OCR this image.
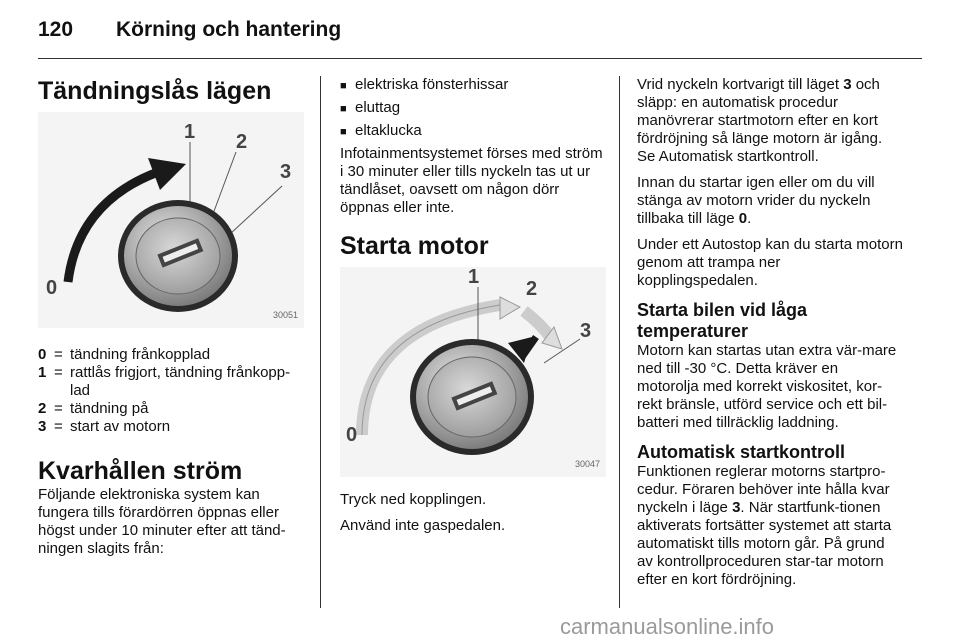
120 Körning och hantering
Tändningslås lägen
1 2
3
0
30051
0 = tändning frånkopplad
1 = rattlås frigjort, tändning frånkopp-lad
2 = tändning på
3 = start av motorn
Kvarhållen ström

Följande elektroniska system kan fungera tills förardörren öppnas eller högst under 10 minuter efter att tänd-ningen slagits från:

■ elektriska fönsterhissar
■ eluttag
■ eltaklucka

Infotainmentsystemet förses med ström i 30 minuter eller tills nyckeln tas ut ur tändlåset, oavsett om någon dörr öppnas eller inte.

Starta motor
1
2
3
0
30047

Tryck ned kopplingen.

Använd inte gaspedalen.

Vrid nyckeln kortvarigt till läget 3 och släpp: en automatisk procedur manövrerar startmotorn efter en kort fördröjning så länge motorn är igång. Se Automatisk startkontroll.

Innan du startar igen eller om du vill stänga av motorn vrider du nyckeln tillbaka till läge 0.

Under ett Autostop kan du starta motorn genom att trampa ner kopplingspedalen.

Starta bilen vid låga temperaturer

Motorn kan startas utan extra vär-mare ned till -30 °C. Detta kräver en motorolja med korrekt viskositet, kor-rekt bränsle, utförd service och ett bil-batteri med tillräcklig laddning.

Automatisk startkontroll

Funktionen reglerar motorns startpro-cedur. Föraren behöver inte hålla kvar nyckeln i läge 3. När startfunk-tionen aktiverats fortsätter systemet att starta automatiskt tills motorn går. På grund av kontrollproceduren star-tar motorn efter en kort fördröjning.

carmanualsonline.info
